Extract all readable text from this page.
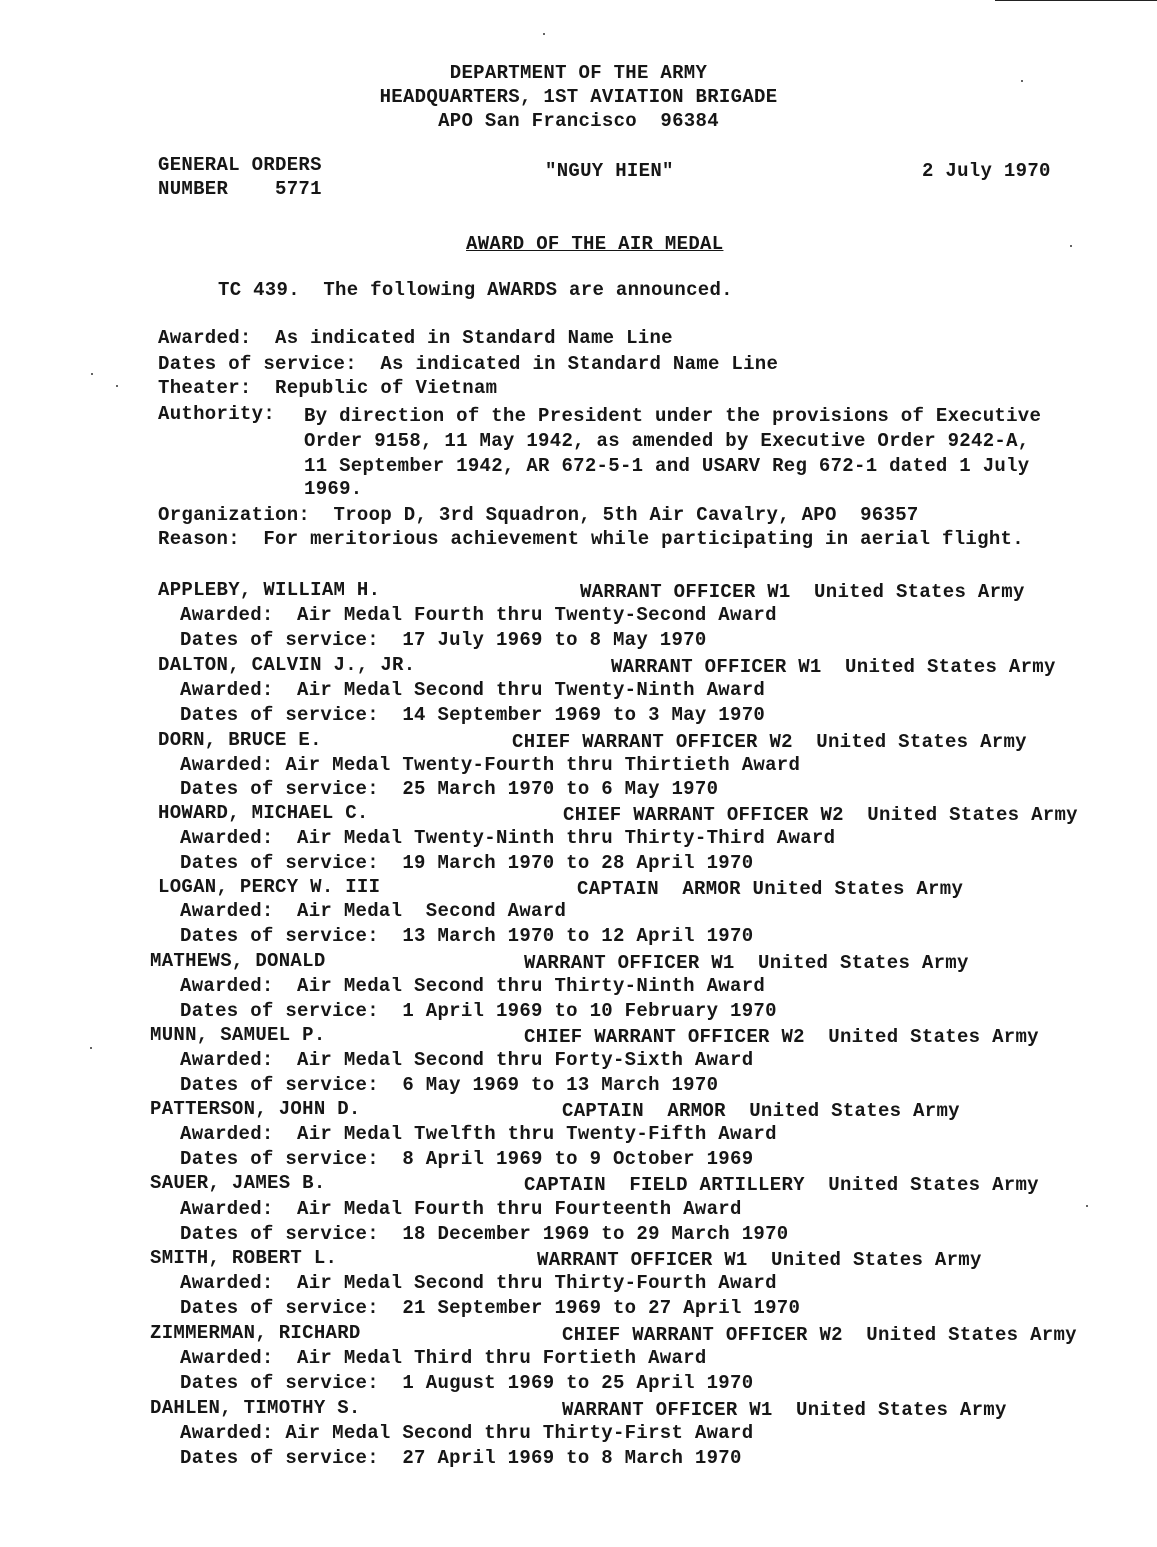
DEPARTMENT OF THE ARMY
HEADQUARTERS, 1ST AVIATION BRIGADE
APO San Francisco  96384
GENERAL ORDERS
NUMBER    5771
"NGUY HIEN"	2 July 1970
AWARD OF THE AIR MEDAL
TC 439.  The following AWARDS are announced.
Awarded:  As indicated in Standard Name Line
Dates of service:  As indicated in Standard Name Line
Theater:  Republic of Vietnam
Authority: By direction of the President under the provisions of Executive
Order 9158, 11 May 1942, as amended by Executive Order 9242-A,
11 September 1942, AR 672-5-1 and USARV Reg 672-1 dated 1 July
1969.
Organization:  Troop D, 3rd Squadron, 5th Air Cavalry, APO  96357
Reason:  For meritorious achievement while participating in aerial flight.
APPLEBY, WILLIAM H.	WARRANT OFFICER W1  United States Army
Awarded:  Air Medal Fourth thru Twenty-Second Award
Dates of service:  17 July 1969 to 8 May 1970
DALTON, CALVIN J., JR.	WARRANT OFFICER W1  United States Army
Awarded:  Air Medal Second thru Twenty-Ninth Award
Dates of service:  14 September 1969 to 3 May 1970
DORN, BRUCE E.	CHIEF WARRANT OFFICER W2  United States Army
Awarded: Air Medal Twenty-Fourth thru Thirtieth Award
Dates of service:  25 March 1970 to 6 May 1970
HOWARD, MICHAEL C.	CHIEF WARRANT OFFICER W2  United States Army
Awarded:  Air Medal Twenty-Ninth thru Thirty-Third Award
Dates of service:  19 March 1970 to 28 April 1970
LOGAN, PERCY W. III	CAPTAIN  ARMOR United States Army
Awarded:  Air Medal  Second Award
Dates of service:  13 March 1970 to 12 April 1970
MATHEWS, DONALD	WARRANT OFFICER W1  United States Army
Awarded:  Air Medal Second thru Thirty-Ninth Award
Dates of service:  1 April 1969 to 10 February 1970
MUNN, SAMUEL P.	CHIEF WARRANT OFFICER W2  United States Army
Awarded:  Air Medal Second thru Forty-Sixth Award
Dates of service:  6 May 1969 to 13 March 1970
PATTERSON, JOHN D.	CAPTAIN  ARMOR  United States Army
Awarded:  Air Medal Twelfth thru Twenty-Fifth Award
Dates of service:  8 April 1969 to 9 October 1969
SAUER, JAMES B.	CAPTAIN  FIELD ARTILLERY  United States Army
Awarded:  Air Medal Fourth thru Fourteenth Award
Dates of service:  18 December 1969 to 29 March 1970
SMITH, ROBERT L.	WARRANT OFFICER W1  United States Army
Awarded:  Air Medal Second thru Thirty-Fourth Award
Dates of service:  21 September 1969 to 27 April 1970
ZIMMERMAN, RICHARD	CHIEF WARRANT OFFICER W2  United States Army
Awarded:  Air Medal Third thru Fortieth Award
Dates of service:  1 August 1969 to 25 April 1970
DAHLEN, TIMOTHY S.	WARRANT OFFICER W1  United States Army
Awarded: Air Medal Second thru Thirty-First Award
Dates of service:  27 April 1969 to 8 March 1970
